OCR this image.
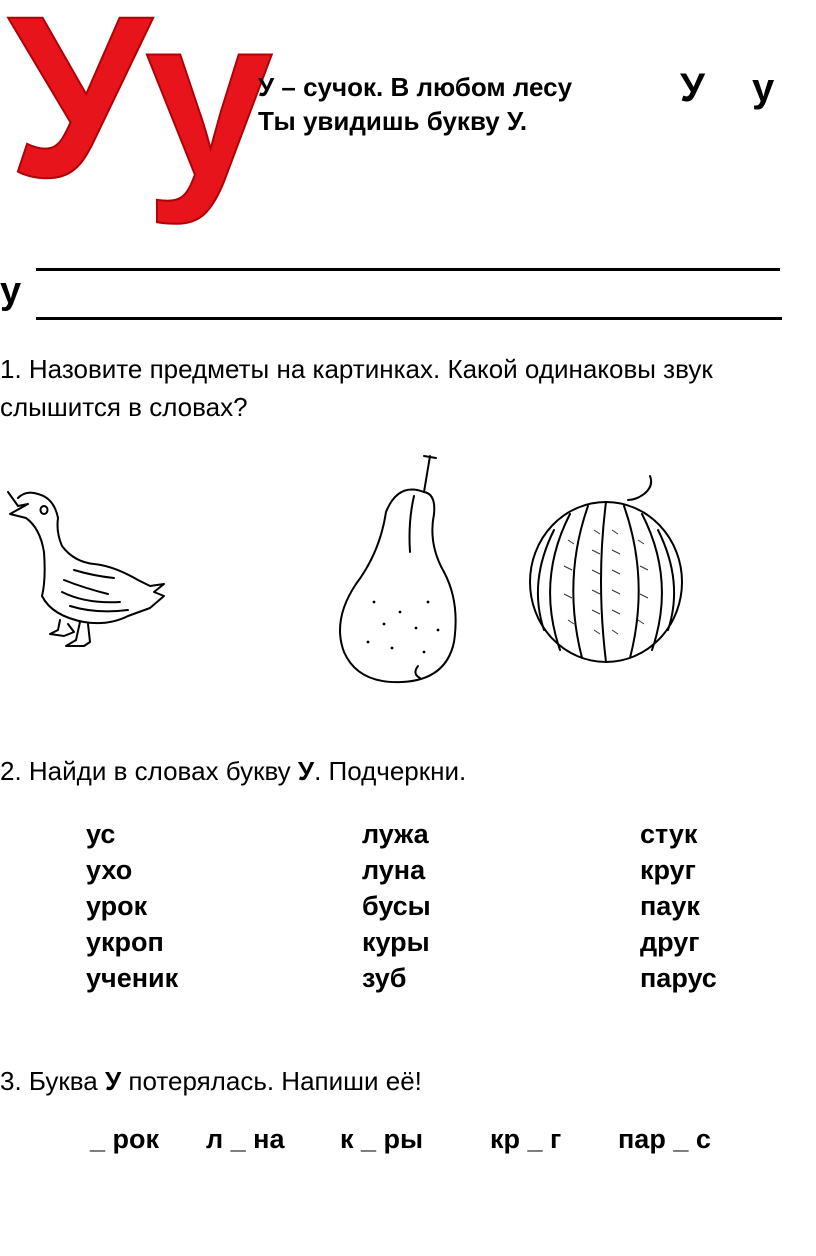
Уу
У – сучок. В любом лесу
Ты увидишь букву У.
У у
у
1. Назовите предметы на картинках. Какой одинаковы звук слышится в словах?
2. Найди в словах букву У. Подчеркни.
ус
ухо
урок
укроп
ученик
лужа
луна
бусы
куры
зуб
стук
круг
паук
друг
парус
3. Буква У потерялась. Напиши её!
_ рок л _ на к _ ры кр _ г пар _ с
